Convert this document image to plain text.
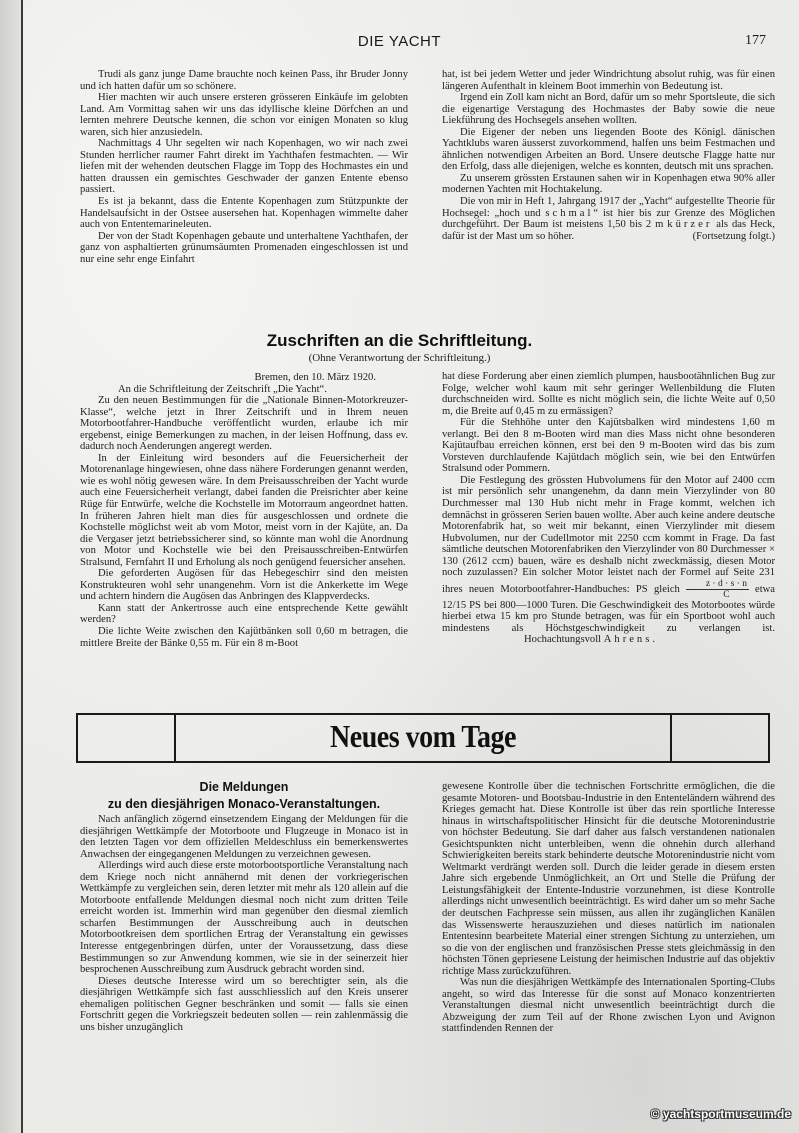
DIE YACHT	177

Trudi als ganz junge Dame brauchte noch keinen Pass, ihr Bruder Jonny und ich hatten dafür um so schönere.

Hier machten wir auch unsere ersteren grösseren Einkäufe im gelobten Land. Am Vormittag sahen wir uns das idyllische kleine Dörfchen an und lernten mehrere Deutsche kennen, die schon vor einigen Monaten so klug waren, sich hier anzusiedeln.

Nachmittags 4 Uhr segelten wir nach Kopenhagen, wo wir nach zwei Stunden herrlicher raumer Fahrt direkt im Yachthafen festmachten. — Wir liefen mit der wehenden deutschen Flagge im Topp des Hochmastes ein und hatten draussen ein gemischtes Geschwader der ganzen Entente ebenso passiert.

Es ist ja bekannt, dass die Entente Kopenhagen zum Stützpunkte der Handelsaufsicht in der Ostsee ausersehen hat. Kopenhagen wimmelte daher auch von Ententemarineleuten.

Der von der Stadt Kopenhagen gebaute und unterhaltene Yachthafen, der ganz von asphaltierten grünumsäumten Promenaden eingeschlossen ist und nur eine sehr enge Einfahrt

hat, ist bei jedem Wetter und jeder Windrichtung absolut ruhig, was für einen längeren Aufenthalt in kleinem Boot immerhin von Bedeutung ist.

Irgend ein Zoll kam nicht an Bord, dafür um so mehr Sportsleute, die sich die eigenartige Verstagung des Hochmastes der Baby sowie die neue Liekführung des Hochsegels ansehen wollten.

Die Eigener der neben uns liegenden Boote des Königl. dänischen Yachtklubs waren äusserst zuvorkommend, halfen uns beim Festmachen und ähnlichen notwendigen Arbeiten an Bord. Unsere deutsche Flagge hatte nur den Erfolg, dass alle diejenigen, welche es konnten, deutsch mit uns sprachen.

Zu unserem grössten Erstaunen sahen wir in Kopenhagen etwa 90% aller modernen Yachten mit Hochtakelung.

Die von mir in Heft 1, Jahrgang 1917 der „Yacht“ aufgestellte Theorie für Hochsegel: „hoch und schmal“ ist hier bis zur Grenze des Möglichen durchgeführt. Der Baum ist meistens 1,50 bis 2 m kürzer als das Heck, dafür ist der Mast um so höher.	(Fortsetzung folgt.)

Zuschriften an die Schriftleitung.
(Ohne Verantwortung der Schriftleitung.)

Bremen, den 10. März 1920.

An die Schriftleitung der Zeitschrift „Die Yacht“.

Zu den neuen Bestimmungen für die „Nationale Binnen-Motorkreuzer-Klasse“, welche jetzt in Ihrer Zeitschrift und in Ihrem neuen Motorbootfahrer-Handbuche veröffentlicht wurden, erlaube ich mir ergebenst, einige Bemerkungen zu machen, in der leisen Hoffnung, dass ev. dadurch noch Aenderungen angeregt werden.

In der Einleitung wird besonders auf die Feuersicherheit der Motorenanlage hingewiesen, ohne dass nähere Forderungen genannt werden, wie es wohl nötig gewesen wäre. In dem Preisausschreiben der Yacht wurde auch eine Feuersicherheit verlangt, dabei fanden die Preisrichter aber keine Rüge für Entwürfe, welche die Kochstelle im Motorraum angeordnet hatten. In früheren Jahren hielt man dies für ausgeschlossen und ordnete die Kochstelle möglichst weit ab vom Motor, meist vorn in der Kajüte, an. Da die Vergaser jetzt betriebssicherer sind, so könnte man wohl die Anordnung von Motor und Kochstelle wie bei den Preisausschreiben-Entwürfen Stralsund, Fernfahrt II und Erholung als noch genügend feuersicher ansehen.

Die geforderten Augösen für das Hebegeschirr sind den meisten Konstrukteuren wohl sehr unangenehm. Vorn ist die Ankerkette im Wege und achtern hindern die Augösen das Anbringen des Klappverdecks.

Kann statt der Ankertrosse auch eine entsprechende Kette gewählt werden?

Die lichte Weite zwischen den Kajütbänken soll 0,60 m betragen, die mittlere Breite der Bänke 0,55 m. Für ein 8 m-Boot

hat diese Forderung aber einen ziemlich plumpen, hausbootähnlichen Bug zur Folge, welcher wohl kaum mit sehr geringer Wellenbildung die Fluten durchschneiden wird. Sollte es nicht möglich sein, die lichte Weite auf 0,50 m, die Breite auf 0,45 m zu ermässigen?

Für die Stehhöhe unter den Kajütsbalken wird mindestens 1,60 m verlangt. Bei den 8 m-Booten wird man dies Mass nicht ohne besonderen Kajütaufbau erreichen können, erst bei den 9 m-Booten wird das bis zum Vorsteven durchlaufende Kajütdach möglich sein, wie bei den Entwürfen Stralsund oder Pommern.

Die Festlegung des grössten Hubvolumens für den Motor auf 2400 ccm ist mir persönlich sehr unangenehm, da dann mein Vierzylinder von 80 Durchmesser mal 130 Hub nicht mehr in Frage kommt, welchen ich demnächst in grösseren Serien bauen wollte. Aber auch keine andere deutsche Motorenfabrik hat, so weit mir bekannt, einen Vierzylinder mit diesem Hubvolumen, nur der Cudellmotor mit 2250 ccm kommt in Frage. Da fast sämtliche deutschen Motorenfabriken den Vierzylinder von 80 Durchmesser × 130 (2612 ccm) bauen, wäre es deshalb nicht zweckmässig, diesen Motor noch zuzulassen? Ein solcher Motor leistet nach der Formel auf Seite 231 ihres neuen Motorbootfahrer-Handbuches: PS gleich $\frac{z \cdot d \cdot s \cdot n}{C}$ etwa 12/15 PS bei 800—1000 Turen. Die Geschwindigkeit des Motorbootes würde hierbei etwa 15 km pro Stunde betragen, was für ein Sportboot wohl auch mindestens als Höchstgeschwindigkeit zu verlangen ist.Hochachtungsvoll Ahrens.

Neues vom Tage
Die Meldungen
zu den diesjährigen Monaco-Veranstaltungen.

Nach anfänglich zögernd einsetzendem Eingang der Meldungen für die diesjährigen Wettkämpfe der Motorboote und Flugzeuge in Monaco ist in den letzten Tagen vor dem offiziellen Meldeschluss ein bemerkenswertes Anwachsen der eingegangenen Meldungen zu verzeichnen gewesen.

Allerdings wird auch diese erste motorbootsportliche Veranstaltung nach dem Kriege noch nicht annähernd mit denen der vorkriegerischen Wettkämpfe zu vergleichen sein, deren letzter mit mehr als 120 allein auf die Motorboote entfallende Meldungen diesmal noch nicht zum dritten Teile erreicht worden ist. Immerhin wird man gegenüber den diesmal ziemlich scharfen Bestimmungen der Ausschreibung auch in deutschen Motorbootkreisen dem sportlichen Ertrag der Veranstaltung ein gewisses Interesse entgegenbringen dürfen, unter der Voraussetzung, dass diese Bestimmungen so zur Anwendung kommen, wie sie in der seinerzeit hier besprochenen Ausschreibung zum Ausdruck gebracht worden sind.

Dieses deutsche Interesse wird um so berechtigter sein, als die diesjährigen Wettkämpfe sich fast ausschliesslich auf den Kreis unserer ehemaligen politischen Gegner beschränken und somit — falls sie einen Fortschritt gegen die Vorkriegszeit bedeuten sollen — rein zahlenmässig die uns bisher unzugänglich

gewesene Kontrolle über die technischen Fortschritte ermöglichen, die die gesamte Motoren- und Bootsbau-Industrie in den Ententeländern während des Krieges gemacht hat. Diese Kontrolle ist über das rein sportliche Interesse hinaus in wirtschaftspolitischer Hinsicht für die deutsche Motorenindustrie von höchster Bedeutung. Sie darf daher aus falsch verstandenen nationalen Gesichtspunkten nicht unterbleiben, wenn die ohnehin durch allerhand Schwierigkeiten bereits stark behinderte deutsche Motorenindustrie nicht vom Weltmarkt verdrängt werden soll. Durch die leider gerade in diesem ersten Jahre sich ergebende Unmöglichkeit, an Ort und Stelle die Prüfung der Leistungsfähigkeit der Entente-Industrie vorzunehmen, ist diese Kontrolle allerdings nicht unwesentlich beeinträchtigt. Es wird daher um so mehr Sache der deutschen Fachpresse sein müssen, aus allen ihr zugänglichen Kanälen das Wissenswerte herauszuziehen und dieses natürlich im nationalen Ententesinn bearbeitete Material einer strengen Sichtung zu unterziehen, um so die von der englischen und französischen Presse stets gleichmässig in den höchsten Tönen gepriesene Leistung der heimischen Industrie auf das objektiv richtige Mass zurückzuführen.

Was nun die diesjährigen Wettkämpfe des Internationalen Sporting-Clubs angeht, so wird das Interesse für die sonst auf Monaco konzentrierten Veranstaltungen diesmal nicht unwesentlich beeinträchtigt durch die Abzweigung der zum Teil auf der Rhone zwischen Lyon und Avignon stattfindenden Rennen der

© yachtsportmuseum.de
